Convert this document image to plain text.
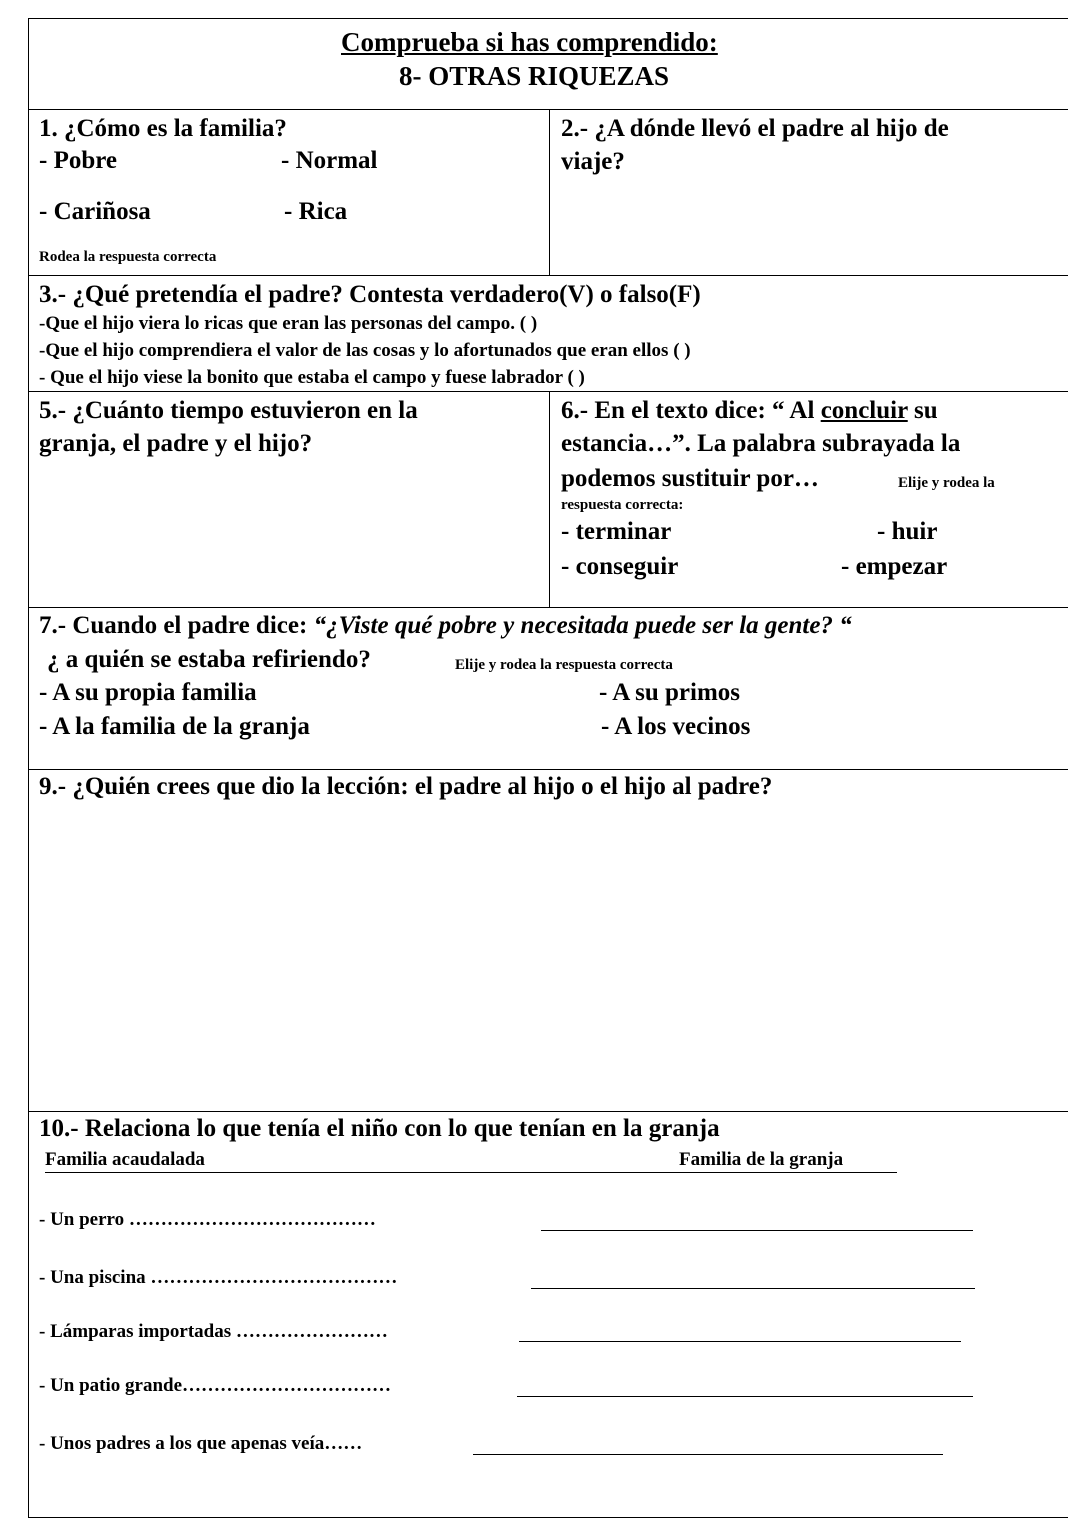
Comprueba si has comprendido:
8- OTRAS RIQUEZAS
1. ¿Cómo es la familia?
- Pobre	- Normal
- Cariñosa	- Rica
Rodea la respuesta correcta
2.- ¿A dónde llevó el padre al hijo de
viaje?
3.- ¿Qué pretendía el padre? Contesta verdadero(V) o falso(F)
-Que el hijo viera lo ricas que eran las personas del campo. ( )
-Que el hijo comprendiera el valor de las cosas y lo afortunados que eran ellos ( )
- Que el hijo viese la bonito que estaba el campo y fuese labrador ( )
5.- ¿Cuánto tiempo estuvieron en la
granja, el padre y el hijo?
6.- En el texto dice: “ Al concluir su
estancia…”. La palabra subrayada la
podemos sustituir por…	Elije y rodea la
respuesta correcta:
- terminar	- huir
- conseguir	- empezar
7.- Cuando el padre dice: “¿Viste qué pobre y necesitada puede ser la gente? “
¿ a quién se estaba refiriendo?	Elije y rodea la respuesta correcta
- A su propia familia	- A su primos
- A la familia de la granja	- A los vecinos
9.- ¿Quién crees que dio la lección: el padre al hijo o el hijo al padre?
10.- Relaciona lo que tenía el niño con lo que tenían en la granja
Familia acaudalada	Familia de la granja
- Un perro …………………………………
- Una piscina …………………………………
- Lámparas importadas ……………………
- Un patio grande……………………………
- Unos padres a los que apenas veía……
